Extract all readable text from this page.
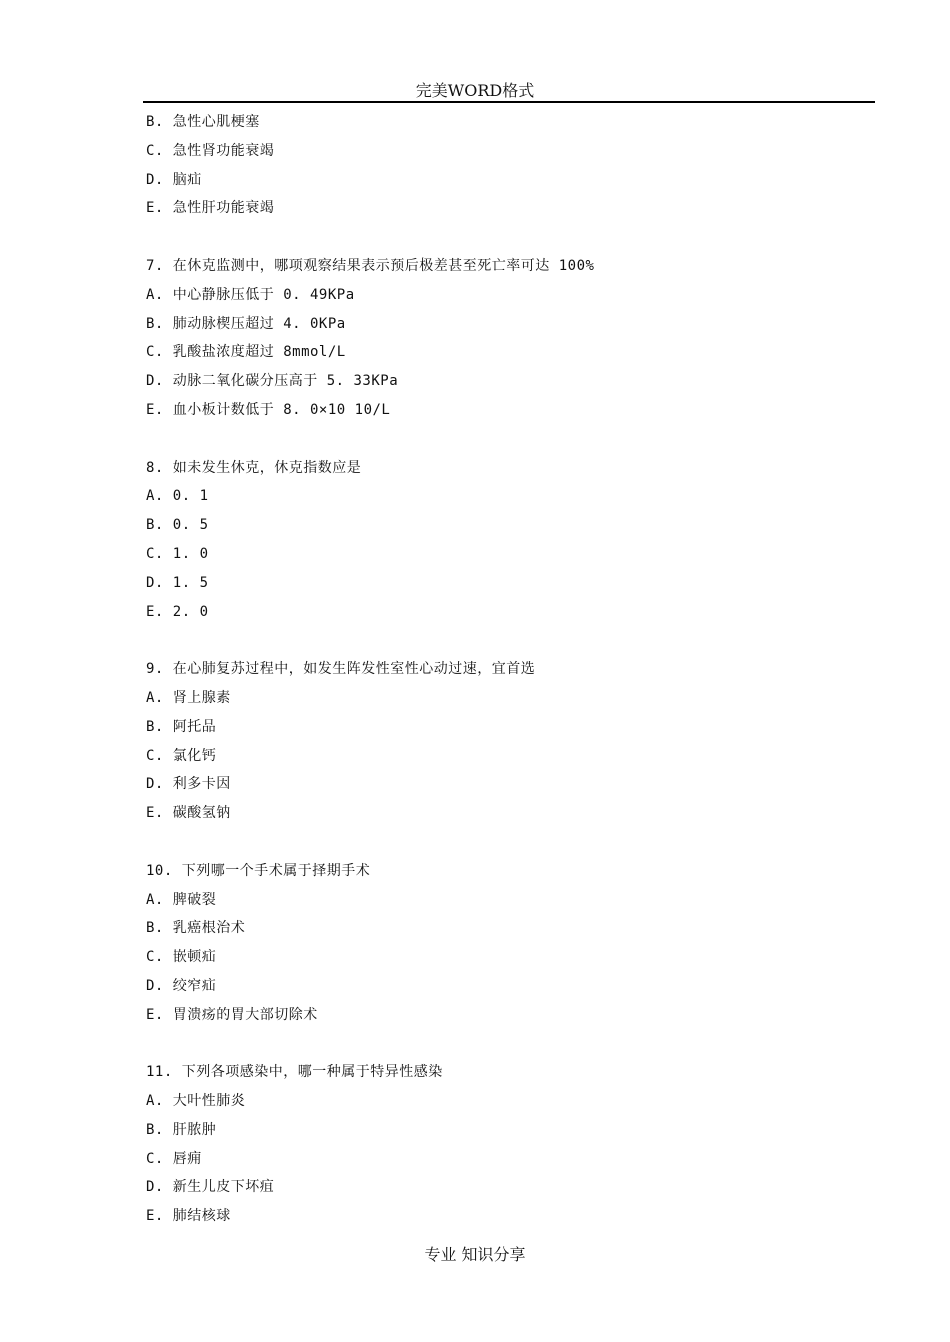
完美WORD格式
B. 急性心肌梗塞
C. 急性肾功能衰竭
D. 脑疝
E. 急性肝功能衰竭
7. 在休克监测中，哪项观察结果表示预后极差甚至死亡率可达 100%
A. 中心静脉压低于 0. 49KPa
B. 肺动脉楔压超过 4. 0KPa
C. 乳酸盐浓度超过 8mmol/L
D. 动脉二氧化碳分压高于 5. 33KPa
E. 血小板计数低于 8. 0×10 10/L
8. 如未发生休克，休克指数应是
A. 0. 1
B. 0. 5
C. 1. 0
D. 1. 5
E. 2. 0
9. 在心肺复苏过程中，如发生阵发性室性心动过速，宜首选
A. 肾上腺素
B. 阿托品
C. 氯化钙
D. 利多卡因
E. 碳酸氢钠
10. 下列哪一个手术属于择期手术
A. 脾破裂
B. 乳癌根治术
C. 嵌顿疝
D. 绞窄疝
E. 胃溃疡的胃大部切除术
11. 下列各项感染中，哪一种属于特异性感染
A. 大叶性肺炎
B. 肝脓肿
C. 唇痈
D. 新生儿皮下坏疽
E. 肺结核球
专业 知识分享
